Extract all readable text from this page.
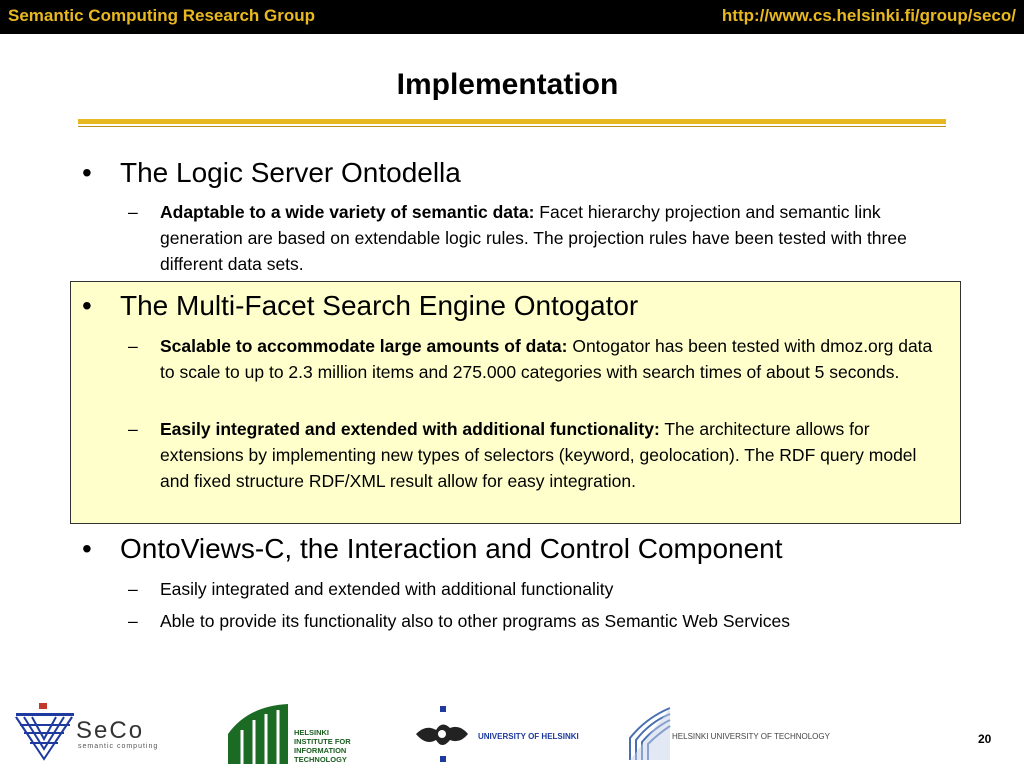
Semantic Computing Research Group	http://www.cs.helsinki.fi/group/seco/
Implementation
• The Logic Server Ontodella
– Adaptable to a wide variety of semantic data: Facet hierarchy projection and semantic link generation are based on extendable logic rules. The projection rules have been tested with three different data sets.
• The Multi-Facet Search Engine Ontogator
– Scalable to accommodate large amounts of data: Ontogator has been tested with dmoz.org data to scale to up to 2.3 million items and 275.000 categories with search times of about 5 seconds.
– Easily integrated and extended with additional functionality: The architecture allows for extensions by implementing new types of selectors (keyword, geolocation). The RDF query model and fixed structure RDF/XML result allow for easy integration.
• OntoViews-C, the Interaction and Control Component
– Easily integrated and extended with additional functionality
– Able to provide its functionality also to other programs as Semantic Web Services
SeCo
semantic computing
HELSINKI
INSTITUTE FOR
INFORMATION
TECHNOLOGY
UNIVERSITY OF HELSINKI	HELSINKI UNIVERSITY OF TECHNOLOGY	20
